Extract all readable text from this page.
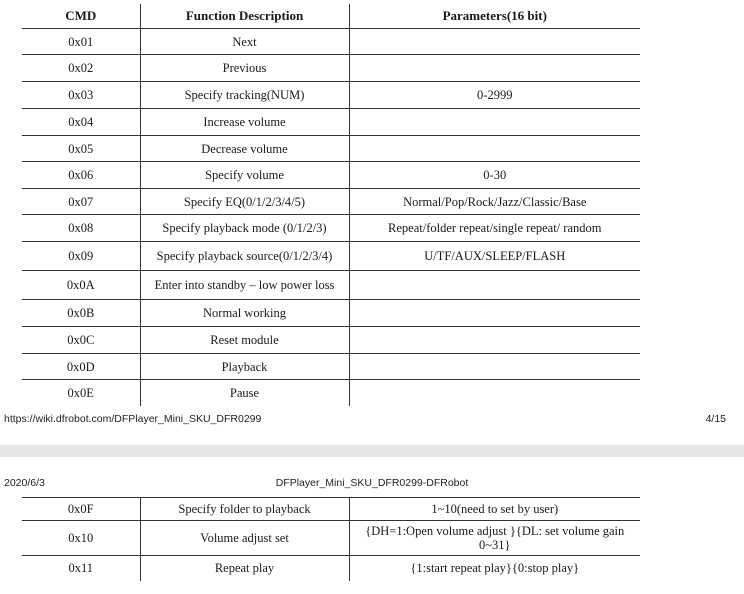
CMD	Function Description	Parameters(16 bit)
0x01	Next	
0x02	Previous	
0x03	Specify tracking(NUM)	0-2999
0x04	Increase volume	
0x05	Decrease volume	
0x06	Specify volume	0-30
0x07	Specify EQ(0/1/2/3/4/5)	Normal/Pop/Rock/Jazz/Classic/Base
0x08	Specify playback mode (0/1/2/3)	Repeat/folder repeat/single repeat/ random
0x09	Specify playback source(0/1/2/3/4)	U/TF/AUX/SLEEP/FLASH
0x0A	Enter into standby – low power loss	
0x0B	Normal working	
0x0C	Reset module	
0x0D	Playback	
0x0E	Pause	
https://wiki.dfrobot.com/DFPlayer_Mini_SKU_DFR0299	4/15
2020/6/3	DFPlayer_Mini_SKU_DFR0299-DFRobot
0x0F	Specify folder to playback	1~10(need to set by user)
0x10	Volume adjust set	{DH=1:Open volume adjust }{DL: set volume gain 0~31}
0x11	Repeat play	{1:start repeat play}{0:stop play}
